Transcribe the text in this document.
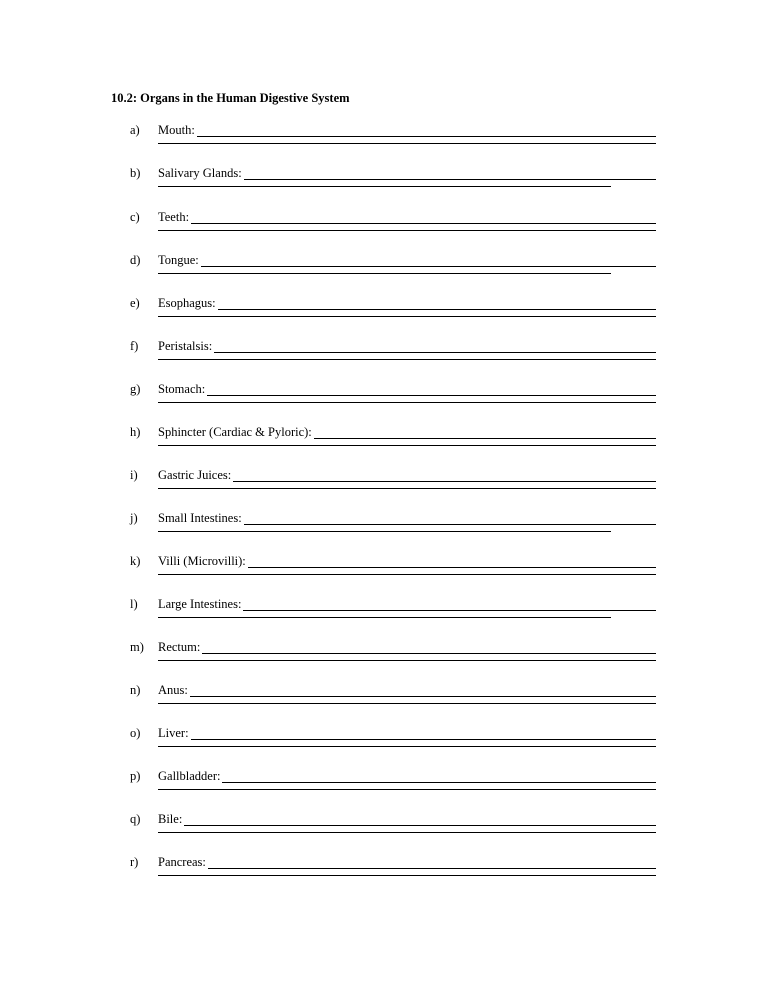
10.2: Organs in the Human Digestive System
a) Mouth:
b) Salivary Glands:
c) Teeth:
d) Tongue:
e) Esophagus:
f) Peristalsis:
g) Stomach:
h) Sphincter (Cardiac & Pyloric):
i) Gastric Juices:
j) Small Intestines:
k) Villi (Microvilli):
l) Large Intestines:
m) Rectum:
n) Anus:
o) Liver:
p) Gallbladder:
q) Bile:
r) Pancreas:
